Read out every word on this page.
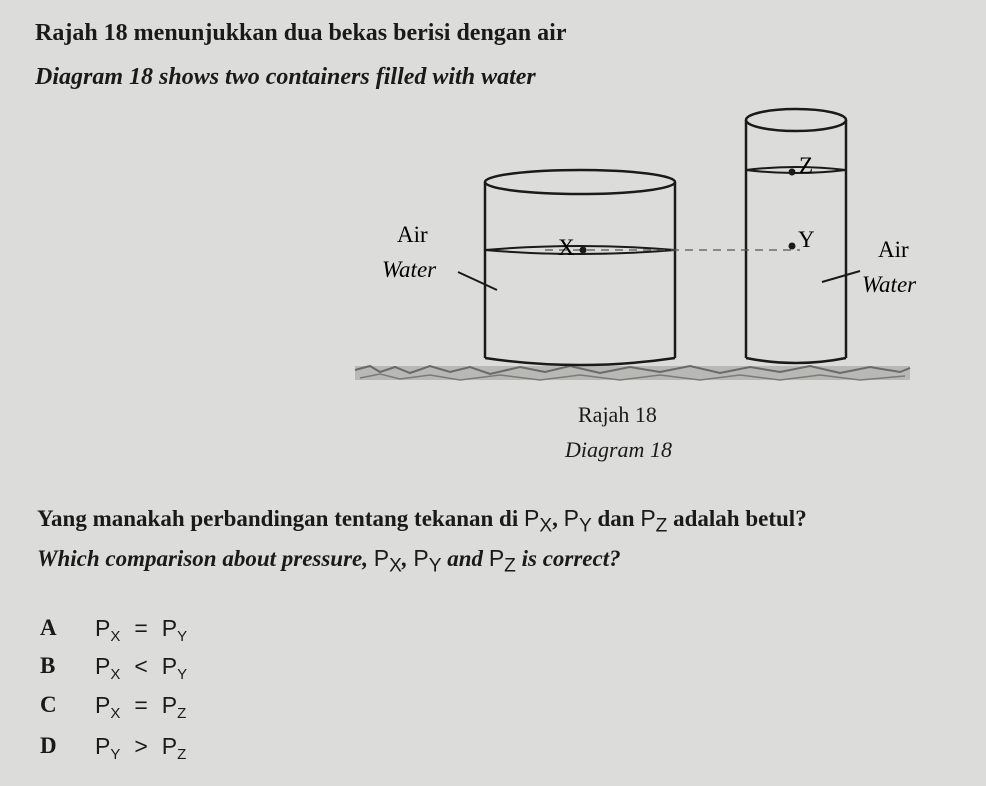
Rajah 18 menunjukkan dua bekas berisi dengan air
Diagram 18 shows two containers filled with water
X	Y
Z
Air
Water
Air
Water
Rajah 18
Diagram 18
Yang manakah perbandingan tentang tekanan di $P_X$, $P_Y$ dan $P_Z$ adalah betul?
Which comparison about pressure, $P_X$, $P_Y$ and $P_Z$ is correct?
A $P_X = P_Y$
B $P_X < P_Y$
C $P_X = P_Z$
D $P_Y > P_Z$
